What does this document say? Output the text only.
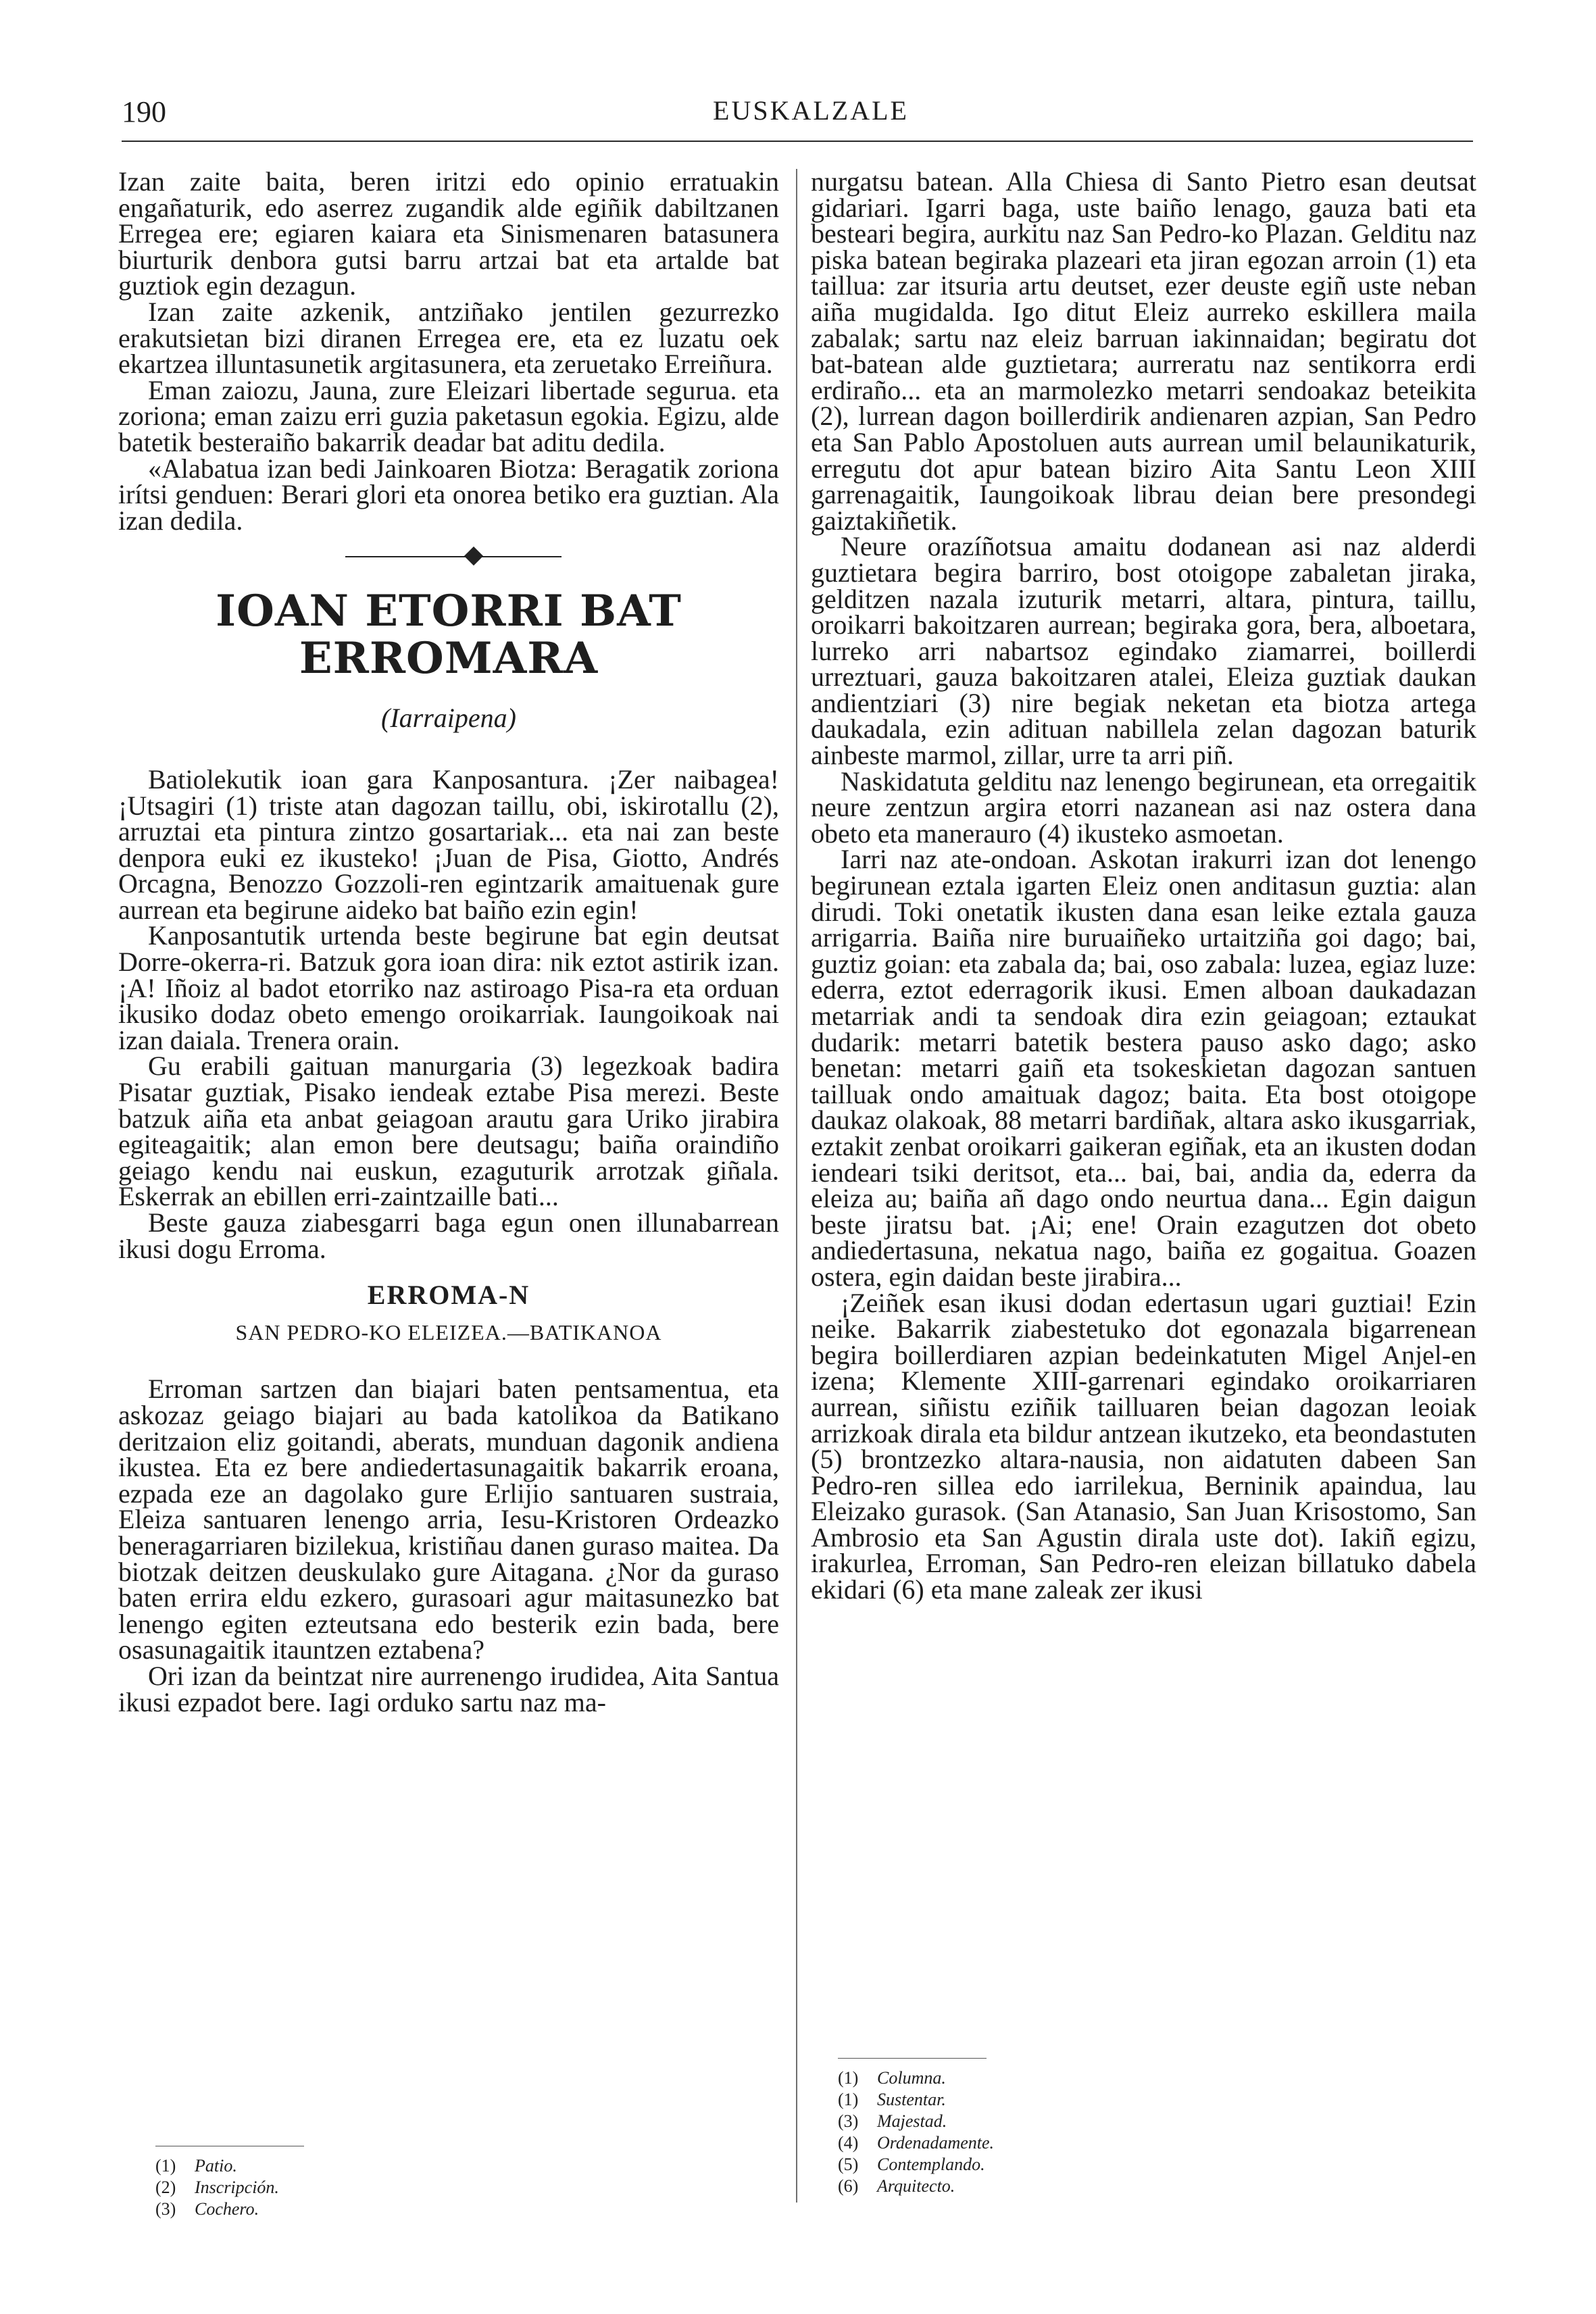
190	EUSKALZALE

Izan zaite baita, beren iritzi edo opinio erratuakin engañaturik, edo aserrez zugandik alde egiñik dabiltzanen Erregea ere; egiaren kaiara eta Sinismenaren batasunera biurturik denbora gutsi barru artzai bat eta artalde bat guztiok egin dezagun.

Izan zaite azkenik, antziñako jentilen gezurrezko erakutsietan bizi diranen Erregea ere, eta ez luzatu oek ekartzea illuntasunetik argitasunera, eta zeruetako Erreiñura.

Eman zaiozu, Jauna, zure Eleizari libertade segurua. eta zoriona; eman zaizu erri guzia paketasun egokia. Egizu, alde batetik besteraiño bakarrik deadar bat aditu dedila.

«Alabatua izan bedi Jainkoaren Biotza: Beragatik zoriona irítsi genduen: Berari glori eta onorea betiko era guztian. Ala izan dedila.

IOAN ETORRI BAT ERROMARA
(Iarraipena)

Batiolekutik ioan gara Kanposantura. ¡Zer naibagea! ¡Utsagiri (1) triste atan dagozan taillu, obi, iskirotallu (2), arruztai eta pintura zintzo gosartariak... eta nai zan beste denpora euki ez ikusteko! ¡Juan de Pisa, Giotto, Andrés Orcagna, Benozzo Gozzoli-ren egintzarik amaituenak gure aurrean eta begirune aideko bat baiño ezin egin!

Kanposantutik urtenda beste begirune bat egin deutsat Dorre-okerra-ri. Batzuk gora ioan dira: nik eztot astirik izan. ¡A! Iñoiz al badot etorriko naz astiroago Pisa-ra eta orduan ikusiko dodaz obeto emengo oroikarriak. Iaungoikoak nai izan daiala. Trenera orain.

Gu erabili gaituan manurgaria (3) legezkoak badira Pisatar guztiak, Pisako iendeak eztabe Pisa merezi. Beste batzuk aiña eta anbat geiagoan arautu gara Uriko jirabira egiteagaitik; alan emon bere deutsagu; baiña oraindiño geiago kendu nai euskun, ezaguturik arrotzak giñala. Eskerrak an ebillen erri-zaintzaille bati...

Beste gauza ziabesgarri baga egun onen illunabarrean ikusi dogu Erroma.

ERROMA-N
SAN PEDRO-KO ELEIZEA.—BATIKANOA

Erroman sartzen dan biajari baten pentsamentua, eta askozaz geiago biajari au bada katolikoa da Batikano deritzaion eliz goitandi, aberats, munduan dagonik andiena ikustea. Eta ez bere andiedertasunagaitik bakarrik eroana, ezpada eze an dagolako gure Erlijio santuaren sustraia, Eleiza santuaren lenengo arria, Iesu-Kristoren Ordeazko beneragarriaren bizilekua, kristiñau danen guraso maitea. Da biotzak deitzen deuskulako gure Aitagana. ¿Nor da guraso baten errira eldu ezkero, gurasoari agur maitasunezko bat lenengo egiten ezteutsana edo besterik ezin bada, bere osasunagaitik itauntzen eztabena?

Ori izan da beintzat nire aurrenengo irudidea, Aita Santua ikusi ezpadot bere. Iagi orduko sartu naz ma-

nurgatsu batean. Alla Chiesa di Santo Pietro esan deutsat gidariari. Igarri baga, uste baiño lenago, gauza bati eta besteari begira, aurkitu naz San Pedro-ko Plazan. Gelditu naz piska batean begiraka plazeari eta jiran egozan arroin (1) eta taillua: zar itsuria artu deutset, ezer deuste egiñ uste neban aiña mugidalda. Igo ditut Eleiz aurreko eskillera maila zabalak; sartu naz eleiz barruan iakinnaidan; begiratu dot bat-batean alde guztietara; aurreratu naz sentikorra erdi erdiraño... eta an marmolezko metarri sendoakaz beteikita (2), lurrean dagon boillerdirik andienaren azpian, San Pedro eta San Pablo Apostoluen auts aurrean umil belaunikaturik, erregutu dot apur batean biziro Aita Santu Leon XIII garrenagaitik, Iaungoikoak librau deian bere presondegi gaiztakiñetik.

Neure orazíñotsua amaitu dodanean asi naz alderdi guztietara begira barriro, bost otoigope zabaletan jiraka, gelditzen nazala izuturik metarri, altara, pintura, taillu, oroikarri bakoitzaren aurrean; begiraka gora, bera, alboetara, lurreko arri nabartsoz egindako ziamarrei, boillerdi urreztuari, gauza bakoitzaren atalei, Eleiza guztiak daukan andientziari (3) nire begiak neketan eta biotza artega daukadala, ezin adituan nabillela zelan dagozan baturik ainbeste marmol, zillar, urre ta arri piñ.

Naskidatuta gelditu naz lenengo begirunean, eta orregaitik neure zentzun argira etorri nazanean asi naz ostera dana obeto eta manerauro (4) ikusteko asmoetan.

Iarri naz ate-ondoan. Askotan irakurri izan dot lenengo begirunean eztala igarten Eleiz onen anditasun guztia: alan dirudi. Toki onetatik ikusten dana esan leike eztala gauza arrigarria. Baiña nire buruaiñeko urtaitziña goi dago; bai, guztiz goian: eta zabala da; bai, oso zabala: luzea, egiaz luze: ederra, eztot ederragorik ikusi. Emen alboan daukadazan metarriak andi ta sendoak dira ezin geiagoan; eztaukat dudarik: metarri batetik bestera pauso asko dago; asko benetan: metarri gaiñ eta tsokeskietan dagozan santuen tailluak ondo amaituak dagoz; baita. Eta bost otoigope daukaz olakoak, 88 metarri bardiñak, altara asko ikusgarriak, eztakit zenbat oroikarri gaikeran egiñak, eta an ikusten dodan iendeari tsiki deritsot, eta... bai, bai, andia da, ederra da eleiza au; baiña añ dago ondo neurtua dana... Egin daigun beste jiratsu bat. ¡Ai; ene! Orain ezagutzen dot obeto andiedertasuna, nekatua nago, baiña ez gogaitua. Goazen ostera, egin daidan beste jirabira...

¡Zeiñek esan ikusi dodan edertasun ugari guztiai! Ezin neike. Bakarrik ziabestetuko dot egonazala bigarrenean begira boillerdiaren azpian bedeinkatuten Migel Anjel-en izena; Klemente XIII-garrenari egindako oroikarriaren aurrean, siñistu eziñik tailluaren beian dagozan leoiak arrizkoak dirala eta bildur antzean ikutzeko, eta beondastuten (5) brontzezko altara-nausia, non aidatuten dabeen San Pedro-ren sillea edo iarrilekua, Berninik apaindua, lau Eleizako gurasok. (San Atanasio, San Juan Krisostomo, San Ambrosio eta San Agustin dirala uste dot). Iakiñ egizu, irakurlea, Erroman, San Pedro-ren eleizan billatuko dabela ekidari (6) eta mane zaleak zer ikusi

(1)	Patio.
(2)	Inscripción.
(3)	Cochero.
(1)	Columna.
(1)	Sustentar.
(3)	Majestad.
(4)	Ordenadamente.
(5)	Contemplando.
(6)	Arquitecto.
